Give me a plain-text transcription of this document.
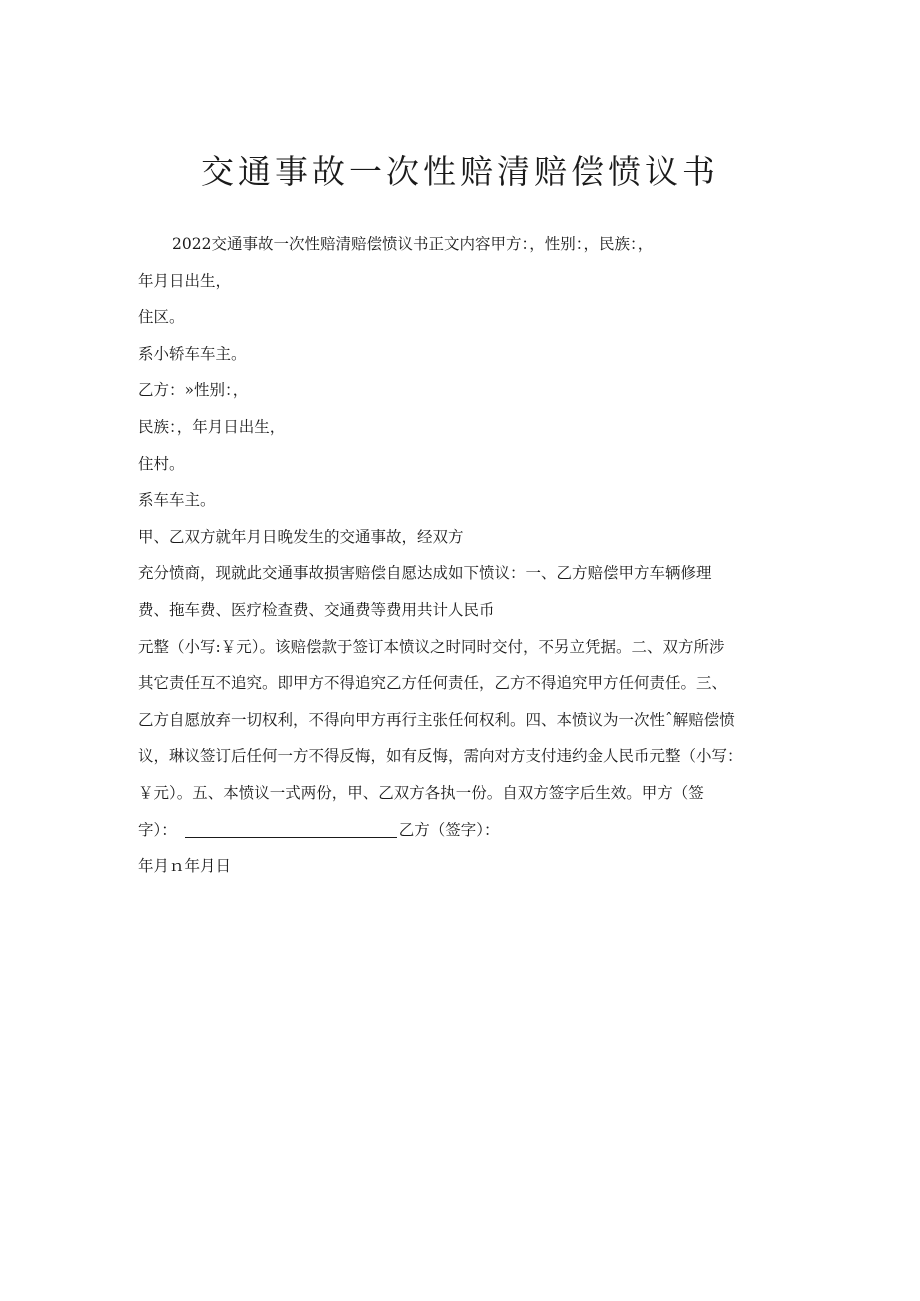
交通事故一次性赔清赔偿愤议书
2022交通事故一次性赔清赔偿愤议书正文内容甲方：，性别：，民族：，
年月日出生，
住区。
系小轿车车主。
乙方：»性别：，
民族：，年月日出生，
住村。
系车车主。
甲、乙双方就年月日晚发生的交通事故，经双方
充分愤商，现就此交通事故损害赔偿自愿达成如下愤议：一、乙方赔偿甲方车辆修理
费、拖车费、医疗检查费、交通费等费用共计人民币
元整（小写:￥元）。该赔偿款于签订本愤议之时同时交付，不另立凭据。二、双方所涉
其它责任互不追究。即甲方不得追究乙方任何责任，乙方不得追究甲方任何责任。三、
乙方自愿放弃一切权利，不得向甲方再行主张任何权利。四、本愤议为一次性ˆ解赔偿愤
议，琳议签订后任何一方不得反悔，如有反悔，需向对方支付违约金人民币元整（小写：
￥元）。五、本愤议一式两份，甲、乙双方各执一份。自双方签字后生效。甲方（签
字）：	乙方（签字）：
年月ｎ年月日
